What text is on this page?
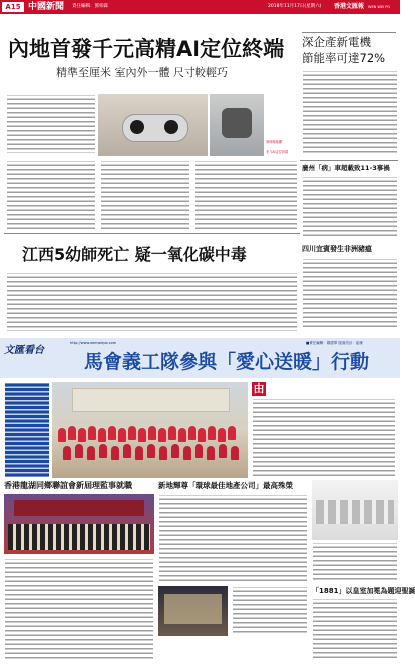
A15 中國新聞 責任編輯：鄧柏霖	2018年11月17日(星期六) 香港文匯報 WEN WEI PO
內地首發千元高精AI定位終端
精準至厘米 室內外一體 尺寸較輕巧
深圳晚報攝
北斗AI定位終端
深企產新電機
節能率可達72%
廣州「病」車超載致11-3事禍
江西5幼師死亡 疑一氧化碳中毒	四川宜賓發生非洲豬瘟
文匯看台
http://www.wenweipo.com	■責任編輯：鄭德華 版面設計：崔雁
馬會義工隊參與「愛心送暖」行動
由
香港龍湖同鄉聯誼會新屆理監事就職	新地輝尊「環球最佳地產公司」最高殊榮
「1881」以皇室加冕為題迎聖誕
